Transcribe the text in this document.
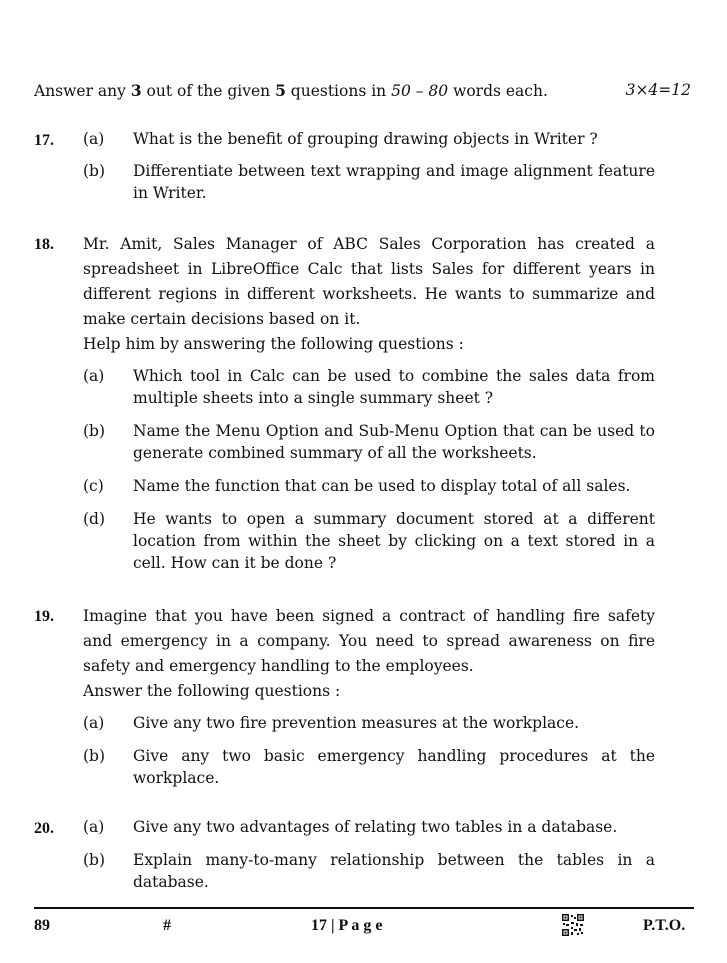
Answer any 3 out of the given 5 questions in 50 – 80 words each.	3×4=12
17. (a) What is the benefit of grouping drawing objects in Writer ?
(b) Differentiate between text wrapping and image alignment feature in Writer.
18. Mr. Amit, Sales Manager of ABC Sales Corporation has created a spreadsheet in LibreOffice Calc that lists Sales for different years in different regions in different worksheets. He wants to summarize and make certain decisions based on it.
Help him by answering the following questions :
(a) Which tool in Calc can be used to combine the sales data from multiple sheets into a single summary sheet ?
(b) Name the Menu Option and Sub-Menu Option that can be used to generate combined summary of all the worksheets.
(c) Name the function that can be used to display total of all sales.
(d) He wants to open a summary document stored at a different location from within the sheet by clicking on a text stored in a cell. How can it be done ?
19. Imagine that you have been signed a contract of handling fire safety and emergency in a company. You need to spread awareness on fire safety and emergency handling to the employees.
Answer the following questions :
(a) Give any two fire prevention measures at the workplace.
(b) Give any two basic emergency handling procedures at the workplace.
20. (a) Give any two advantages of relating two tables in a database.
(b) Explain many-to-many relationship between the tables in a database.
89	#	17 | P a g e	P.T.O.
